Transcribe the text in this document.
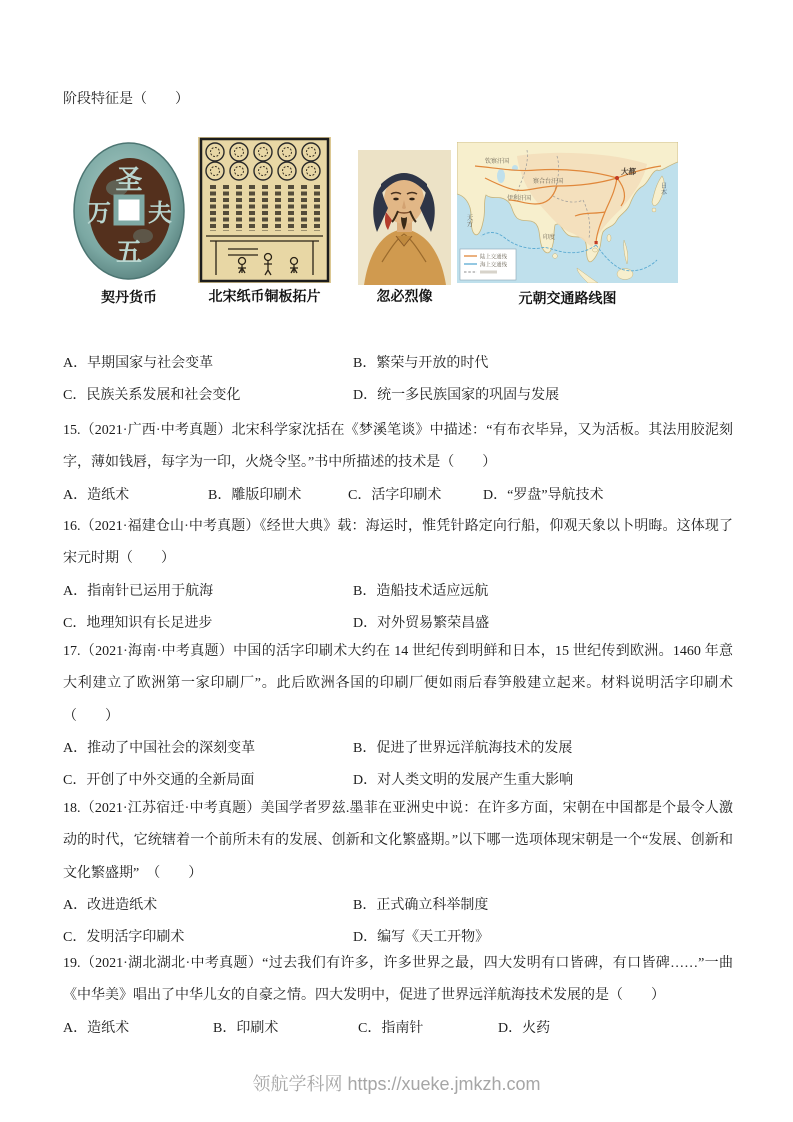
阶段特征是（　　）
圣
五
万 夫
契丹货币	北宋纸币铜板拓片	忽必烈像
钦察汗国
察合台汗国
伊利汗国
大都
天方
印度
日本
陆上交通线
海上交通线
元朝交通路线图
A．早期国家与社会变革	B．繁荣与开放的时代
C．民族关系发展和社会变化	D．统一多民族国家的巩固与发展

15.（2021·广西·中考真题）北宋科学家沈括在《梦溪笔谈》中描述：“有布衣毕异，又为活板。其法用胶泥刻字，薄如钱唇，每字为一印，火烧令坚。”书中所描述的技术是（　　）

A．造纸术	B．雕版印刷术	C．活字印刷术	D．“罗盘”导航技术

16.（2021·福建仓山·中考真题）《经世大典》载：海运时，惟凭针路定向行船，仰观天象以卜明晦。这体现了宋元时期（　　）

A．指南针已运用于航海	B．造船技术适应远航
C．地理知识有长足进步	D．对外贸易繁荣昌盛

17.（2021·海南·中考真题）中国的活字印刷术大约在 14 世纪传到明鲜和日本，15 世纪传到欧洲。1460 年意大利建立了欧洲第一家印刷厂”。此后欧洲各国的印刷厂便如雨后春笋般建立起来。材料说明活字印刷术（　　）

A．推动了中国社会的深刻变革	B．促进了世界远洋航海技术的发展
C．开创了中外交通的全新局面	D．对人类文明的发展产生重大影响

18.（2021·江苏宿迁·中考真题）美国学者罗兹.墨菲在亚洲史中说：在许多方面，宋朝在中国都是个最令人激动的时代，它统辖着一个前所未有的发展、创新和文化繁盛期。”以下哪一选项体现宋朝是一个“发展、创新和文化繁盛期”　（　　）

A．改进造纸术	B．正式确立科举制度
C．发明活字印刷术	D．编写《天工开物》

19.（2021·湖北湖北·中考真题）“过去我们有许多，许多世界之最，四大发明有口皆碑，有口皆碑……”一曲《中华美》唱出了中华儿女的自豪之情。四大发明中，促进了世界远洋航海技术发展的是（　　）

A．造纸术	B．印刷术	C．指南针	D．火药
领航学科网 https://xueke.jmkzh.com
